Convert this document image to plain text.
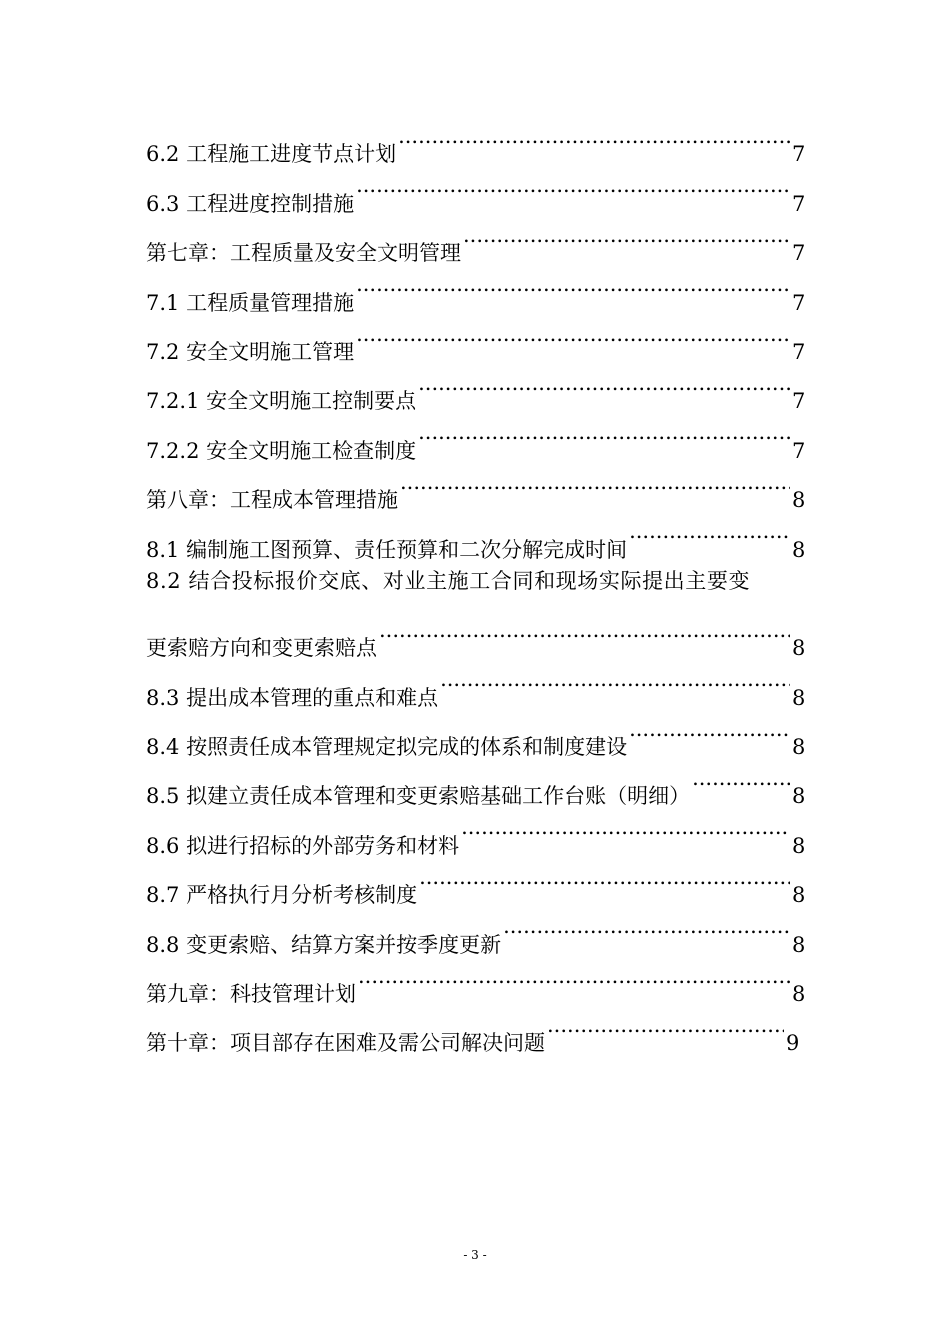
6.2 工程施工进度节点计划 .....	7
6.3 工程进度控制措施 .....	7
第七章：工程质量及安全文明管理 .....	7
7.1 工程质量管理措施 .....	7
7.2 安全文明施工管理 .....	7
7.2.1 安全文明施工控制要点 .....	7
7.2.2 安全文明施工检查制度 .....	7
第八章：工程成本管理措施 .....	8
8.1 编制施工图预算、责任预算和二次分解完成时间 .....	8
8.2 结合投标报价交底、对业主施工合同和现场实际提出主要变
更索赔方向和变更索赔点 .....	8
8.3 提出成本管理的重点和难点 .....	8
8.4 按照责任成本管理规定拟完成的体系和制度建设 .....	8
8.5 拟建立责任成本管理和变更索赔基础工作台账（明细） .....	8
8.6 拟进行招标的外部劳务和材料 .....	8
8.7 严格执行月分析考核制度 .....	8
8.8 变更索赔、结算方案并按季度更新 .....	8
第九章：科技管理计划 .....	8
第十章：项目部存在困难及需公司解决问题 .....	9
- 3 -
